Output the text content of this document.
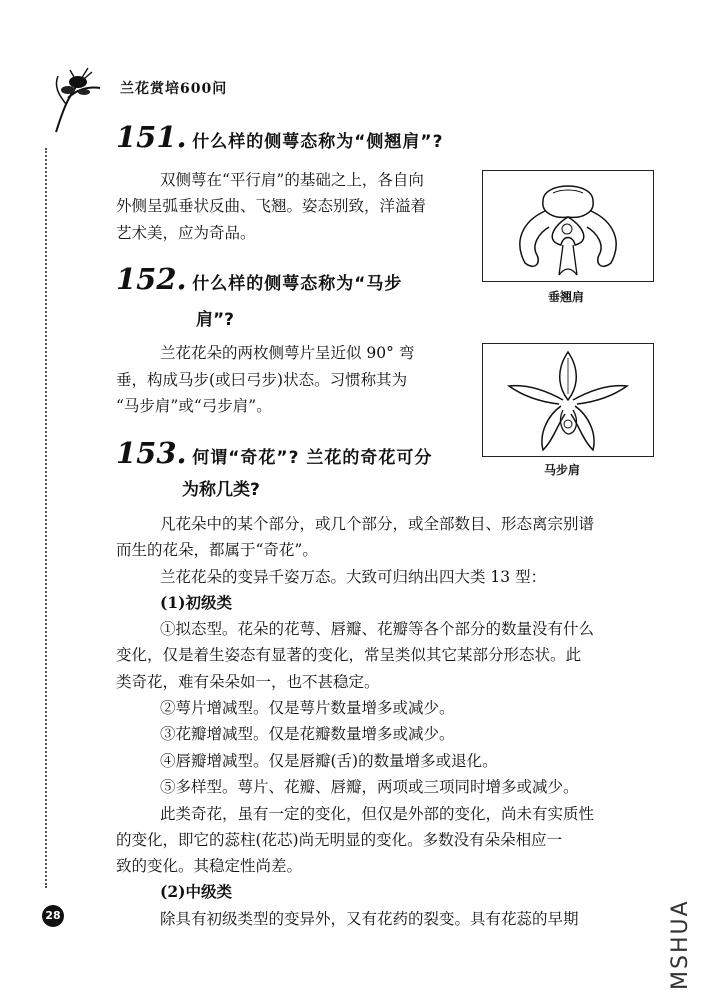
兰花赏培600问
28
151. 什么样的侧萼态称为“侧翘肩”?
双侧萼在“平行肩”的基础之上，各自向
外侧呈弧垂状反曲、飞翘。姿态别致，洋溢着
艺术美，应为奇品。
垂翘肩
152. 什么样的侧萼态称为“马步
肩”?
兰花花朵的两枚侧萼片呈近似 90° 弯
垂，构成马步(或曰弓步)状态。习惯称其为
“马步肩”或“弓步肩”。
马步肩
153. 何谓“奇花”? 兰花的奇花可分
为称几类?
凡花朵中的某个部分，或几个部分，或全部数目、形态离宗别谱
而生的花朵，都属于“奇花”。
兰花花朵的变异千姿万态。大致可归纳出四大类 13 型：
(1)初级类
①拟态型。花朵的花萼、唇瓣、花瓣等各个部分的数量没有什么
变化，仅是着生姿态有显著的变化，常呈类似其它某部分形态状。此
类奇花，难有朵朵如一，也不甚稳定。
②萼片增减型。仅是萼片数量增多或减少。
③花瓣增减型。仅是花瓣数量增多或减少。
④唇瓣增减型。仅是唇瓣(舌)的数量增多或退化。
⑤多样型。萼片、花瓣、唇瓣，两项或三项同时增多或减少。
此类奇花，虽有一定的变化，但仅是外部的变化，尚未有实质性
的变化，即它的蕊柱(花芯)尚无明显的变化。多数没有朵朵相应一
致的变化。其稳定性尚差。
(2)中级类
除具有初级类型的变异外，又有花药的裂变。具有花蕊的早期	MSHUA
